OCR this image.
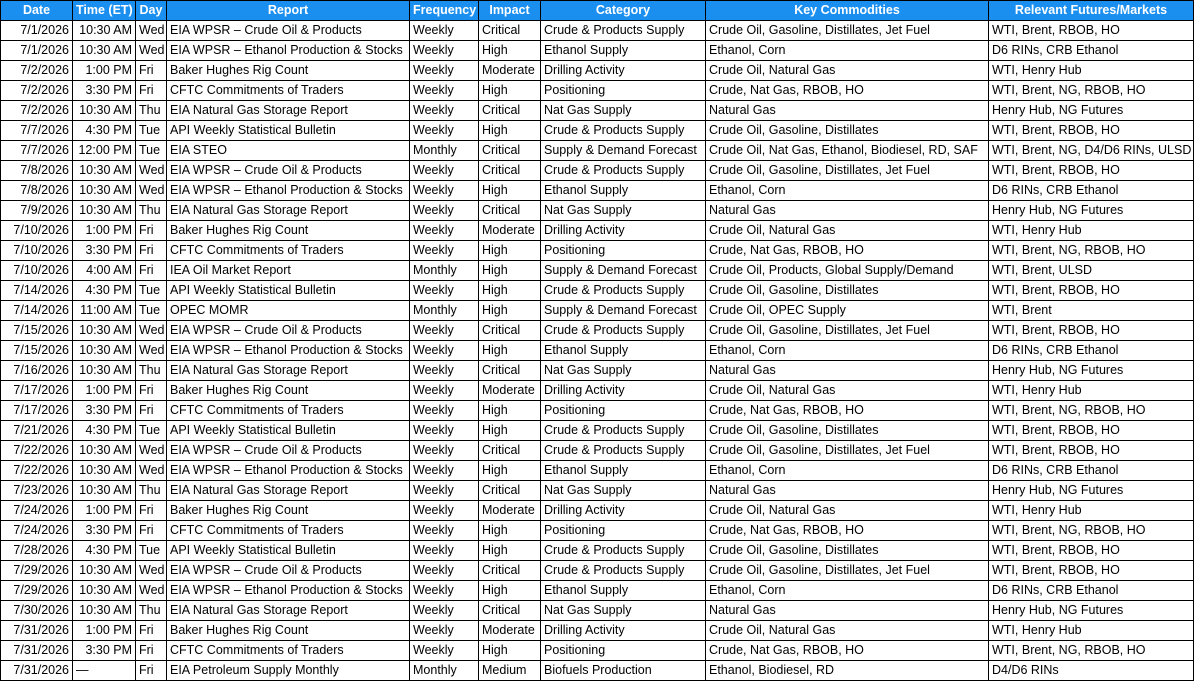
Date	Time (ET)	Day	Report	Frequency	Impact	Category	Key Commodities	Relevant Futures/Markets
7/1/2026	10:30 AM	Wed	EIA WPSR – Crude Oil & Products	Weekly	Critical	Crude & Products Supply	Crude Oil, Gasoline, Distillates, Jet Fuel	WTI, Brent, RBOB, HO
7/1/2026	10:30 AM	Wed	EIA WPSR – Ethanol Production & Stocks	Weekly	High	Ethanol Supply	Ethanol, Corn	D6 RINs, CRB Ethanol
7/2/2026	1:00 PM	Fri	Baker Hughes Rig Count	Weekly	Moderate	Drilling Activity	Crude Oil, Natural Gas	WTI, Henry Hub
7/2/2026	3:30 PM	Fri	CFTC Commitments of Traders	Weekly	High	Positioning	Crude, Nat Gas, RBOB, HO	WTI, Brent, NG, RBOB, HO
7/2/2026	10:30 AM	Thu	EIA Natural Gas Storage Report	Weekly	Critical	Nat Gas Supply	Natural Gas	Henry Hub, NG Futures
7/7/2026	4:30 PM	Tue	API Weekly Statistical Bulletin	Weekly	High	Crude & Products Supply	Crude Oil, Gasoline, Distillates	WTI, Brent, RBOB, HO
7/7/2026	12:00 PM	Tue	EIA STEO	Monthly	Critical	Supply & Demand Forecast	Crude Oil, Nat Gas, Ethanol, Biodiesel, RD, SAF	WTI, Brent, NG, D4/D6 RINs, ULSD
7/8/2026	10:30 AM	Wed	EIA WPSR – Crude Oil & Products	Weekly	Critical	Crude & Products Supply	Crude Oil, Gasoline, Distillates, Jet Fuel	WTI, Brent, RBOB, HO
7/8/2026	10:30 AM	Wed	EIA WPSR – Ethanol Production & Stocks	Weekly	High	Ethanol Supply	Ethanol, Corn	D6 RINs, CRB Ethanol
7/9/2026	10:30 AM	Thu	EIA Natural Gas Storage Report	Weekly	Critical	Nat Gas Supply	Natural Gas	Henry Hub, NG Futures
7/10/2026	1:00 PM	Fri	Baker Hughes Rig Count	Weekly	Moderate	Drilling Activity	Crude Oil, Natural Gas	WTI, Henry Hub
7/10/2026	3:30 PM	Fri	CFTC Commitments of Traders	Weekly	High	Positioning	Crude, Nat Gas, RBOB, HO	WTI, Brent, NG, RBOB, HO
7/10/2026	4:00 AM	Fri	IEA Oil Market Report	Monthly	High	Supply & Demand Forecast	Crude Oil, Products, Global Supply/Demand	WTI, Brent, ULSD
7/14/2026	4:30 PM	Tue	API Weekly Statistical Bulletin	Weekly	High	Crude & Products Supply	Crude Oil, Gasoline, Distillates	WTI, Brent, RBOB, HO
7/14/2026	11:00 AM	Tue	OPEC MOMR	Monthly	High	Supply & Demand Forecast	Crude Oil, OPEC Supply	WTI, Brent
7/15/2026	10:30 AM	Wed	EIA WPSR – Crude Oil & Products	Weekly	Critical	Crude & Products Supply	Crude Oil, Gasoline, Distillates, Jet Fuel	WTI, Brent, RBOB, HO
7/15/2026	10:30 AM	Wed	EIA WPSR – Ethanol Production & Stocks	Weekly	High	Ethanol Supply	Ethanol, Corn	D6 RINs, CRB Ethanol
7/16/2026	10:30 AM	Thu	EIA Natural Gas Storage Report	Weekly	Critical	Nat Gas Supply	Natural Gas	Henry Hub, NG Futures
7/17/2026	1:00 PM	Fri	Baker Hughes Rig Count	Weekly	Moderate	Drilling Activity	Crude Oil, Natural Gas	WTI, Henry Hub
7/17/2026	3:30 PM	Fri	CFTC Commitments of Traders	Weekly	High	Positioning	Crude, Nat Gas, RBOB, HO	WTI, Brent, NG, RBOB, HO
7/21/2026	4:30 PM	Tue	API Weekly Statistical Bulletin	Weekly	High	Crude & Products Supply	Crude Oil, Gasoline, Distillates	WTI, Brent, RBOB, HO
7/22/2026	10:30 AM	Wed	EIA WPSR – Crude Oil & Products	Weekly	Critical	Crude & Products Supply	Crude Oil, Gasoline, Distillates, Jet Fuel	WTI, Brent, RBOB, HO
7/22/2026	10:30 AM	Wed	EIA WPSR – Ethanol Production & Stocks	Weekly	High	Ethanol Supply	Ethanol, Corn	D6 RINs, CRB Ethanol
7/23/2026	10:30 AM	Thu	EIA Natural Gas Storage Report	Weekly	Critical	Nat Gas Supply	Natural Gas	Henry Hub, NG Futures
7/24/2026	1:00 PM	Fri	Baker Hughes Rig Count	Weekly	Moderate	Drilling Activity	Crude Oil, Natural Gas	WTI, Henry Hub
7/24/2026	3:30 PM	Fri	CFTC Commitments of Traders	Weekly	High	Positioning	Crude, Nat Gas, RBOB, HO	WTI, Brent, NG, RBOB, HO
7/28/2026	4:30 PM	Tue	API Weekly Statistical Bulletin	Weekly	High	Crude & Products Supply	Crude Oil, Gasoline, Distillates	WTI, Brent, RBOB, HO
7/29/2026	10:30 AM	Wed	EIA WPSR – Crude Oil & Products	Weekly	Critical	Crude & Products Supply	Crude Oil, Gasoline, Distillates, Jet Fuel	WTI, Brent, RBOB, HO
7/29/2026	10:30 AM	Wed	EIA WPSR – Ethanol Production & Stocks	Weekly	High	Ethanol Supply	Ethanol, Corn	D6 RINs, CRB Ethanol
7/30/2026	10:30 AM	Thu	EIA Natural Gas Storage Report	Weekly	Critical	Nat Gas Supply	Natural Gas	Henry Hub, NG Futures
7/31/2026	1:00 PM	Fri	Baker Hughes Rig Count	Weekly	Moderate	Drilling Activity	Crude Oil, Natural Gas	WTI, Henry Hub
7/31/2026	3:30 PM	Fri	CFTC Commitments of Traders	Weekly	High	Positioning	Crude, Nat Gas, RBOB, HO	WTI, Brent, NG, RBOB, HO
7/31/2026	—	Fri	EIA Petroleum Supply Monthly	Monthly	Medium	Biofuels Production	Ethanol, Biodiesel, RD	D4/D6 RINs
